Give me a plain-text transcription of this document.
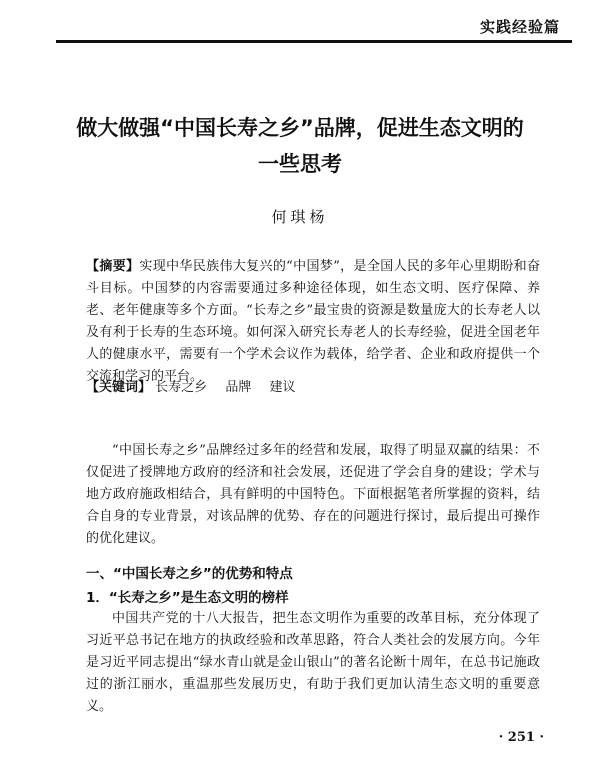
实践经验篇
做大做强“中国长寿之乡”品牌，促进生态文明的
一些思考
何琪杨
【摘要】实现中华民族伟大复兴的“中国梦”，是全国人民的多年心里期盼和奋斗目标。中国梦的内容需要通过多种途径体现，如生态文明、医疗保障、养老、老年健康等多个方面。“长寿之乡”最宝贵的资源是数量庞大的长寿老人以及有利于长寿的生态环境。如何深入研究长寿老人的长寿经验，促进全国老年人的健康水平，需要有一个学术会议作为载体，给学者、企业和政府提供一个交流和学习的平台。
【关键词】 长寿之乡 品牌 建议

“中国长寿之乡”品牌经过多年的经营和发展，取得了明显双赢的结果：不仅促进了授牌地方政府的经济和社会发展，还促进了学会自身的建设；学术与地方政府施政相结合，具有鲜明的中国特色。下面根据笔者所掌握的资料，结合自身的专业背景，对该品牌的优势、存在的问题进行探讨，最后提出可操作的优化建议。

一、“中国长寿之乡”的优势和特点
1．“长寿之乡”是生态文明的榜样

中国共产党的十八大报告，把生态文明作为重要的改革目标，充分体现了习近平总书记在地方的执政经验和改革思路，符合人类社会的发展方向。今年是习近平同志提出“绿水青山就是金山银山”的著名论断十周年，在总书记施政过的浙江丽水，重温那些发展历史，有助于我们更加认清生态文明的重要意义。

· 251 ·
